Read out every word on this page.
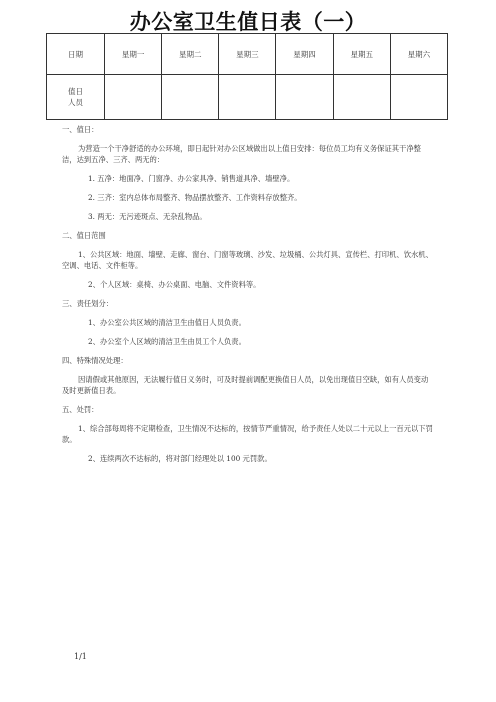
办公室卫生值日表（一）
日期	星期一	星期二	星期三	星期四	星期五	星期六

值日
人员						

一、值日：

为营造一个干净舒适的办公环境，即日起针对办公区域做出以上值日安排：每位员工均有义务保证其干净整洁，达到五净、三齐、两无的：

1. 五净：地面净、门窗净、办公家具净、销售道具净、墙壁净。

2. 三齐：室内总体布局整齐、物品摆放整齐、工作资料存放整齐。

3. 两无：无污迹斑点、无杂乱物品。

二、值日范围

1、公共区域：地面、墙壁、走廊、窗台、门窗等玻璃、沙发、垃圾桶、公共灯具、宣传栏、打印机、饮水机、空调、电话、文件柜等。

2、个人区域：桌椅、办公桌面、电脑、文件资料等。

三、责任划分：

1、办公室公共区域的清洁卫生由值日人员负责。

2、办公室个人区域的清洁卫生由员工个人负责。

四、特殊情况处理：

因请假或其他原因，无法履行值日义务时，可及时提前调配更换值日人员，以免出现值日空缺，如有人员变动及时更新值日表。

五、处罚：

1、综合部每周将不定期检查，卫生情况不达标的，按情节严重情况，给予责任人处以二十元以上一百元以下罚款。

2、连续两次不达标的，将对部门经理处以 100 元罚款。

1/1
